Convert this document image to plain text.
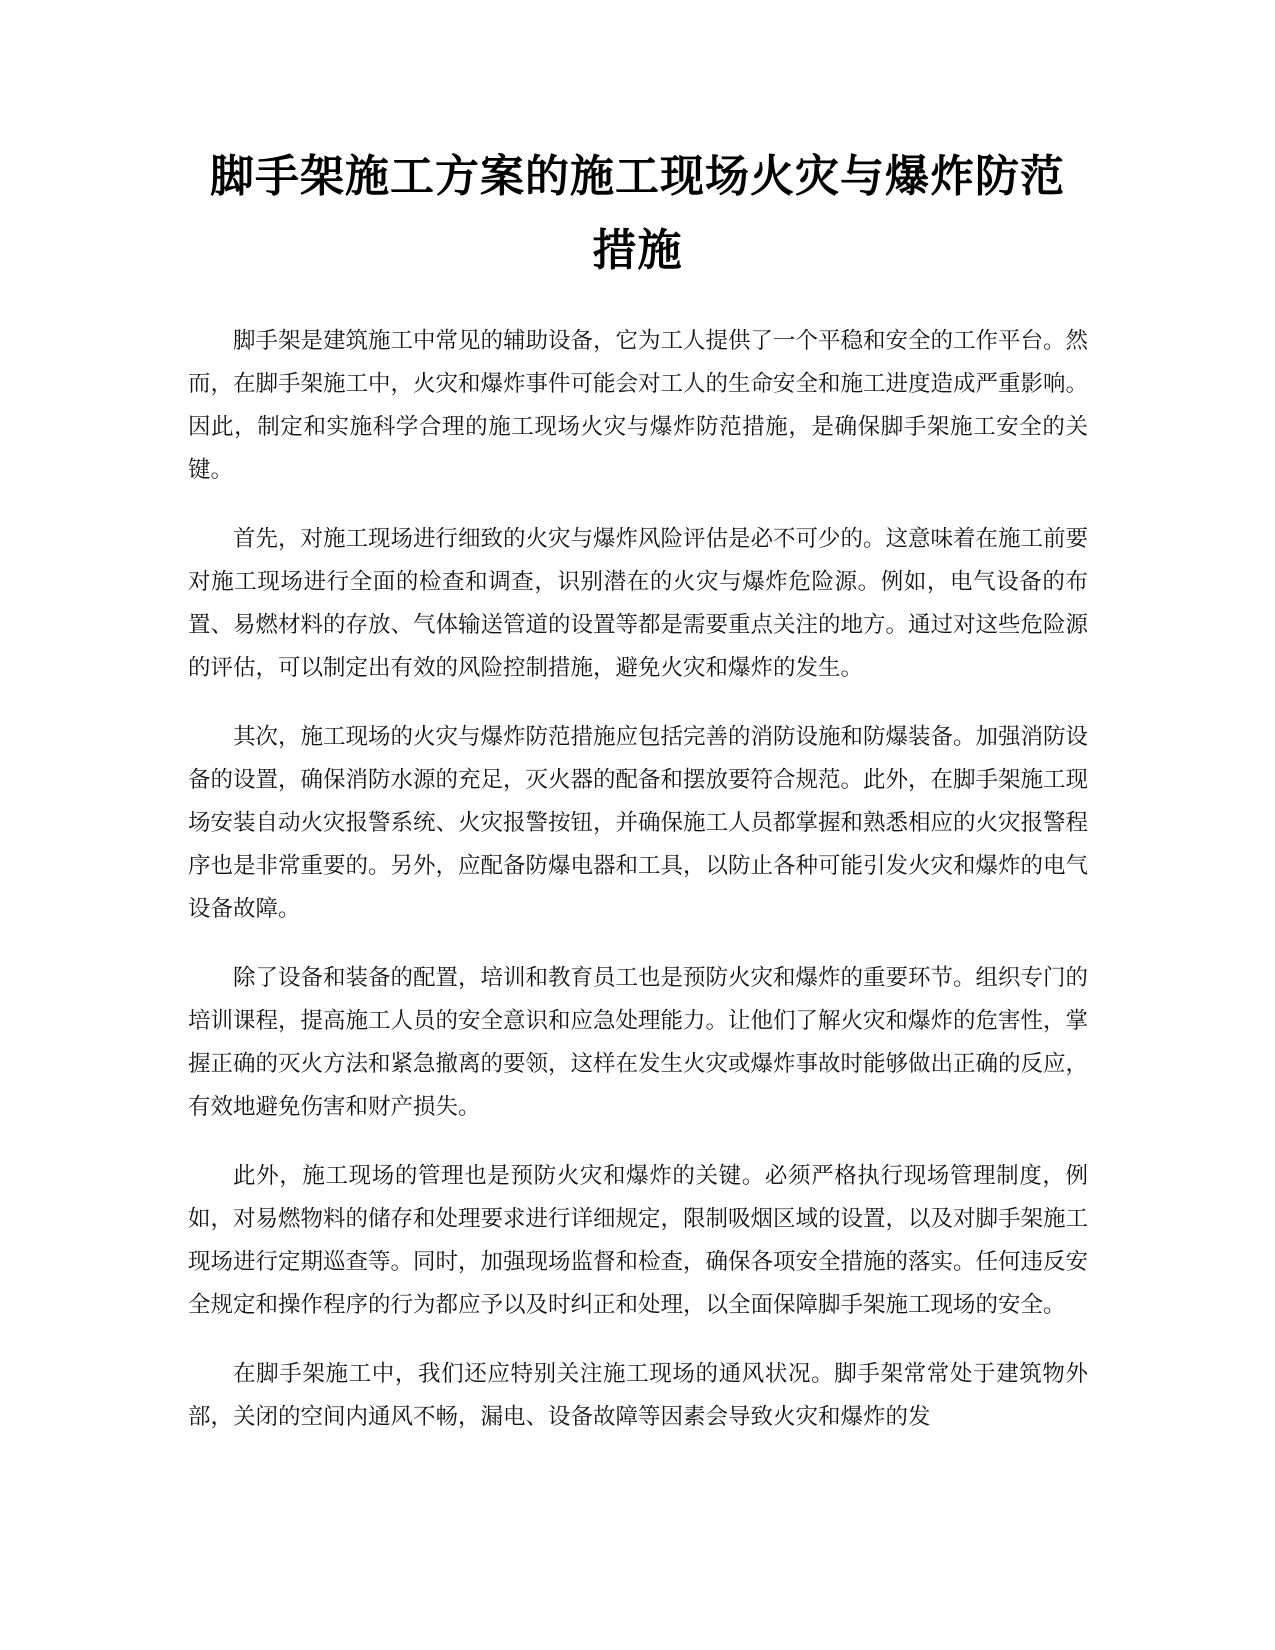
脚手架施工方案的施工现场火灾与爆炸防范
措施

脚手架是建筑施工中常见的辅助设备，它为工人提供了一个平稳和安全的工作平台。然而，在脚手架施工中，火灾和爆炸事件可能会对工人的生命安全和施工进度造成严重影响。因此，制定和实施科学合理的施工现场火灾与爆炸防范措施，是确保脚手架施工安全的关键。

首先，对施工现场进行细致的火灾与爆炸风险评估是必不可少的。这意味着在施工前要对施工现场进行全面的检查和调查，识别潜在的火灾与爆炸危险源。例如，电气设备的布置、易燃材料的存放、气体输送管道的设置等都是需要重点关注的地方。通过对这些危险源的评估，可以制定出有效的风险控制措施，避免火灾和爆炸的发生。

其次，施工现场的火灾与爆炸防范措施应包括完善的消防设施和防爆装备。加强消防设备的设置，确保消防水源的充足，灭火器的配备和摆放要符合规范。此外，在脚手架施工现场安装自动火灾报警系统、火灾报警按钮，并确保施工人员都掌握和熟悉相应的火灾报警程序也是非常重要的。另外，应配备防爆电器和工具，以防止各种可能引发火灾和爆炸的电气设备故障。

除了设备和装备的配置，培训和教育员工也是预防火灾和爆炸的重要环节。组织专门的培训课程，提高施工人员的安全意识和应急处理能力。让他们了解火灾和爆炸的危害性，掌握正确的灭火方法和紧急撤离的要领，这样在发生火灾或爆炸事故时能够做出正确的反应，有效地避免伤害和财产损失。

此外，施工现场的管理也是预防火灾和爆炸的关键。必须严格执行现场管理制度，例如，对易燃物料的储存和处理要求进行详细规定，限制吸烟区域的设置，以及对脚手架施工现场进行定期巡查等。同时，加强现场监督和检查，确保各项安全措施的落实。任何违反安全规定和操作程序的行为都应予以及时纠正和处理，以全面保障脚手架施工现场的安全。

在脚手架施工中，我们还应特别关注施工现场的通风状况。脚手架常常处于建筑物外部，关闭的空间内通风不畅，漏电、设备故障等因素会导致火灾和爆炸的发
